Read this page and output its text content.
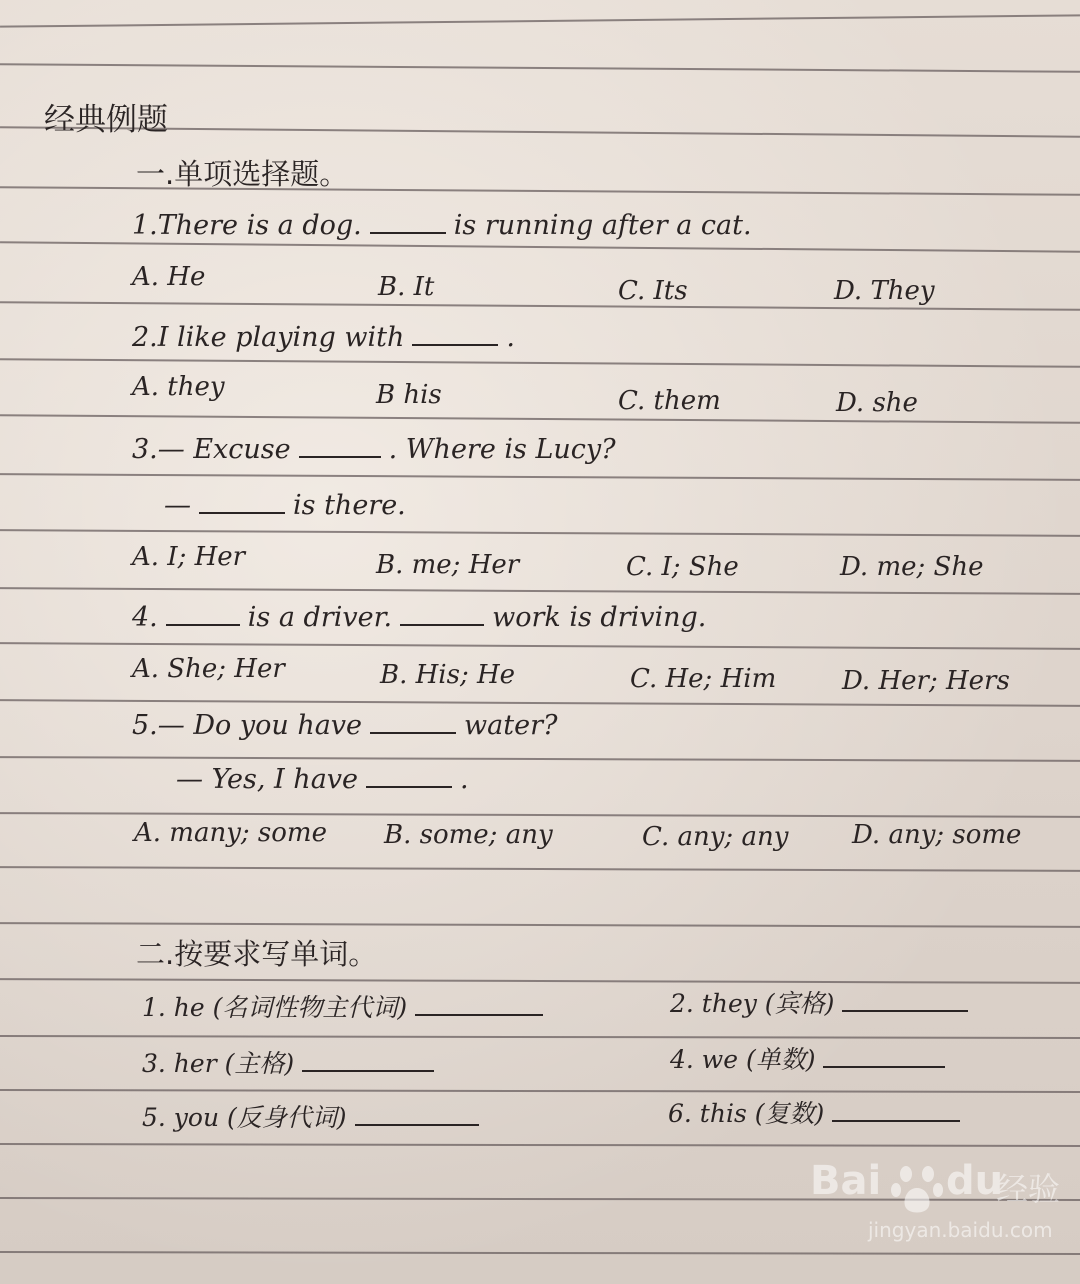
经典例题
一.单项选择题。
1.There is a dog.	is running after a cat.
A. He	B. It	C. Its	D. They
2.I like playing with	.
A. they	B his	C. them	D. she
3.— Excuse	. Where is Lucy?
—	is there.
A. I; Her	B. me; Her	C. I; She	D. me; She
4.	is a driver.	work is driving.
A. She; Her	B. His; He	C. He; Him	D. Her; Hers
5.— Do you have	water?
— Yes, I have	.
A. many; some B. some; any	C. any; any D. any; some
二.按要求写单词。
1. he (名词性物主代词)	2. they (宾格)
3. her (主格)	4. we (单数)
5. you (反身代词)	6. this (复数)
Bai du
经验
jingyan.baidu.com
